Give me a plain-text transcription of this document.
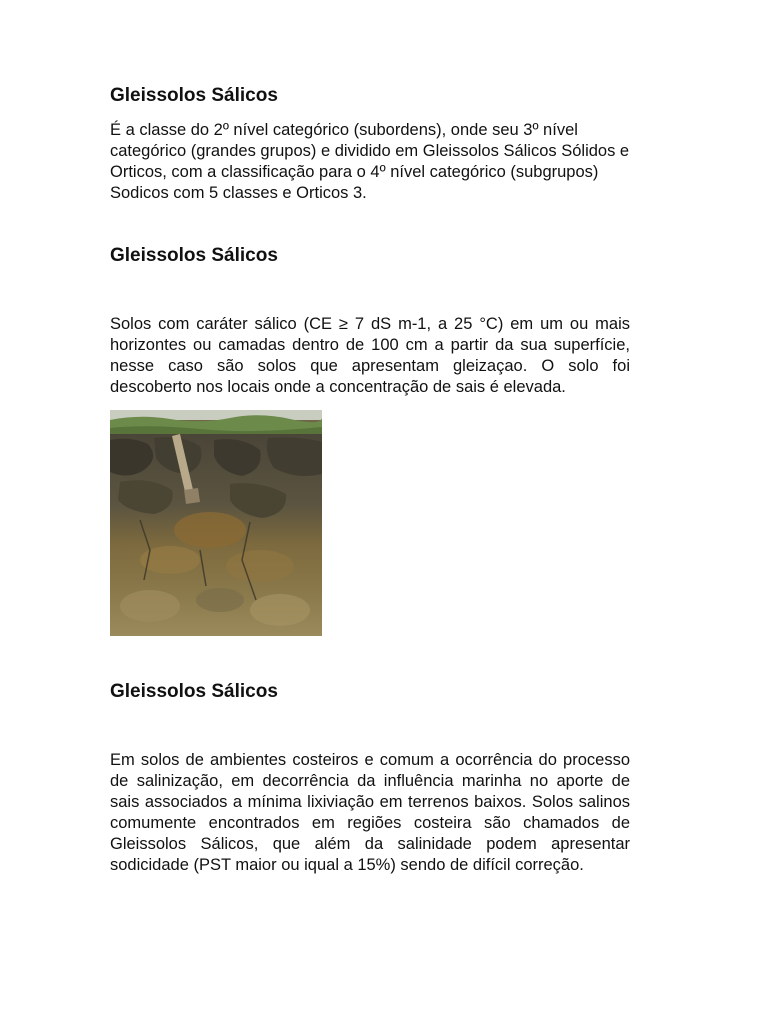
Gleissolos Sálicos

É a classe do 2º nível categórico (subordens), onde seu 3º nível categórico (grandes grupos) e dividido em Gleissolos Sálicos Sólidos e Orticos, com a classificação para o 4º nível categórico (subgrupos) Sodicos com 5 classes e Orticos 3.

Gleissolos Sálicos

Solos com caráter sálico (CE ≥ 7 dS m-1, a 25 °C) em um ou mais horizontes ou camadas dentro de 100 cm a partir da sua superfície, nesse caso são solos que apresentam gleizaçao. O solo foi descoberto nos locais onde a concentração de sais é elevada.

Gleissolos Sálicos

Em solos de ambientes costeiros e comum a ocorrência do processo de salinização, em decorrência da influência marinha no aporte de sais associados a mínima lixiviação em terrenos baixos. Solos salinos comumente encontrados em regiões costeira são chamados de Gleissolos Sálicos, que além da salinidade podem apresentar sodicidade (PST maior ou iqual a 15%) sendo de difícil correção.
